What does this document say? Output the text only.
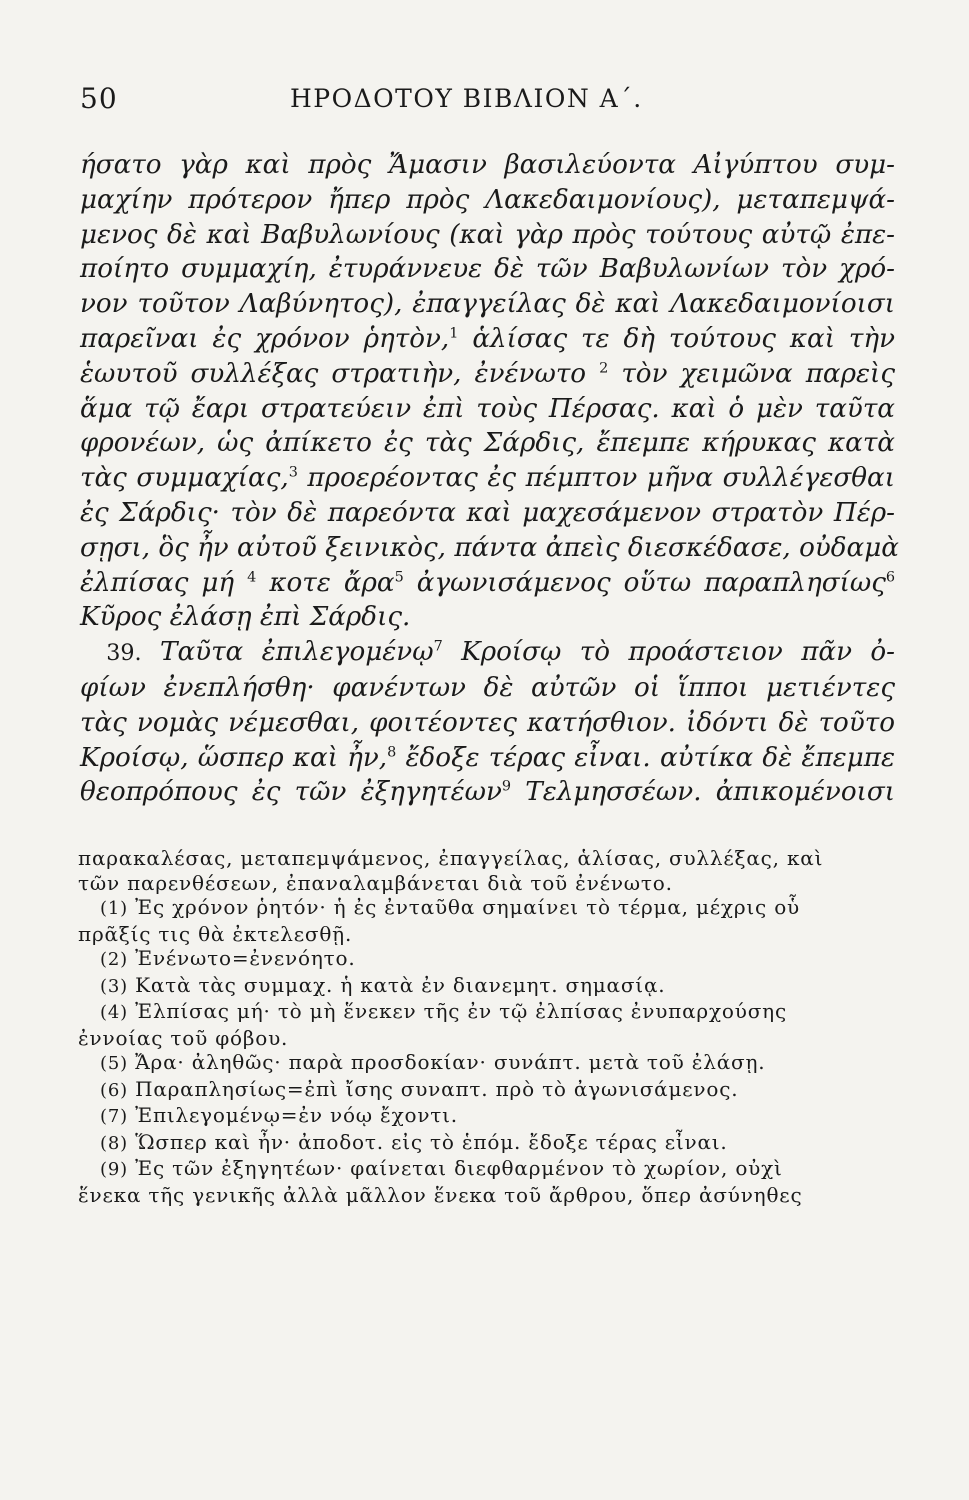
50	ΗΡΟΔΟΤΟΥ ΒΙΒΛΙΟΝ Α΄.
ήσατο γὰρ καὶ πρὸς Ἄμασιν βασιλεύοντα Αἰγύπτου συμ-
μαχίην πρότερον ἤπερ πρὸς Λακεδαιμονίους), μεταπεμψά-
μενος δὲ καὶ Βαβυλωνίους (καὶ γὰρ πρὸς τούτους αὐτῷ ἐπε-
ποίητο συμμαχίη, ἐτυράννευε δὲ τῶν Βαβυλωνίων τὸν χρό-
νον τοῦτον Λαβύνητος), ἐπαγγείλας δὲ καὶ Λακεδαιμονίοισι
παρεῖναι ἐς χρόνον ῥητὸν,$^1$ ἁλίσας τε δὴ τούτους καὶ τὴν
ἑωυτοῦ συλλέξας στρατιὴν, ἐνένωτο $^2$ τὸν χειμῶνα παρεὶς
ἅμα τῷ ἔαρι στρατεύειν ἐπὶ τοὺς Πέρσας. καὶ ὁ μὲν ταῦτα
φρονέων, ὡς ἀπίκετο ἐς τὰς Σάρδις, ἔπεμπε κήρυκας κατὰ
τὰς συμμαχίας,$^3$ προερέοντας ἐς πέμπτον μῆνα συλλέγεσθαι
ἐς Σάρδις· τὸν δὲ παρεόντα καὶ μαχεσάμενον στρατὸν Πέρ-
σῃσι, ὃς ἦν αὐτοῦ ξεινικὸς, πάντα ἀπεὶς διεσκέδασε, οὐδαμὰ
ἐλπίσας μή $^4$ κοτε ἄρα$^5$ ἀγωνισάμενος οὕτω παραπλησίως$^6$
Κῦρος ἐλάσῃ ἐπὶ Σάρδις.
 39. Ταῦτα ἐπιλεγομένῳ$^7$ Κροίσῳ τὸ προάστειον πᾶν ὀ-
φίων ἐνεπλήσθη· φανέντων δὲ αὐτῶν οἱ ἵπποι μετιέντες
τὰς νομὰς νέμεσθαι, φοιτέοντες κατήσθιον. ἰδόντι δὲ τοῦτο
Κροίσῳ, ὥσπερ καὶ ἦν,$^8$ ἔδοξε τέρας εἶναι. αὐτίκα δὲ ἔπεμπε
θεοπρόπους ἐς τῶν ἐξηγητέων$^9$ Τελμησσέων. ἀπικομένοισι
παρακαλέσας, μεταπεμψάμενος, ἐπαγγείλας, ἁλίσας, συλλέξας, καὶ
τῶν παρενθέσεων, ἐπαναλαμβάνεται διὰ τοῦ ἐνένωτο.
(1) Ἐς χρόνον ῥητόν· ἡ ἐς ἐνταῦθα σημαίνει τὸ τέρμα, μέχρις οὗ
πρᾶξίς τις θὰ ἐκτελεσθῇ.
(2) Ἐνένωτο=ἐνενόητο.
(3) Κατὰ τὰς συμμαχ. ἡ κατὰ ἐν διανεμητ. σημασίᾳ.
(4) Ἐλπίσας μή· τὸ μὴ ἕνεκεν τῆς ἐν τῷ ἐλπίσας ἐνυπαρχούσης
ἐννοίας τοῦ φόβου.
(5) Ἄρα· ἀληθῶς· παρὰ προσδοκίαν· συνάπτ. μετὰ τοῦ ἐλάσῃ.
(6) Παραπλησίως=ἐπὶ ἴσης συναπτ. πρὸ τὸ ἀγωνισάμενος.
(7) Ἐπιλεγομένῳ=ἐν νόῳ ἔχοντι.
(8) Ὥσπερ καὶ ἦν· ἀποδοτ. εἰς τὸ ἑπόμ. ἔδοξε τέρας εἶναι.
(9) Ἐς τῶν ἐξηγητέων· φαίνεται διεφθαρμένον τὸ χωρίον, οὐχὶ
ἕνεκα τῆς γενικῆς ἀλλὰ μᾶλλον ἕνεκα τοῦ ἄρθρου, ὅπερ ἀσύνηθες
